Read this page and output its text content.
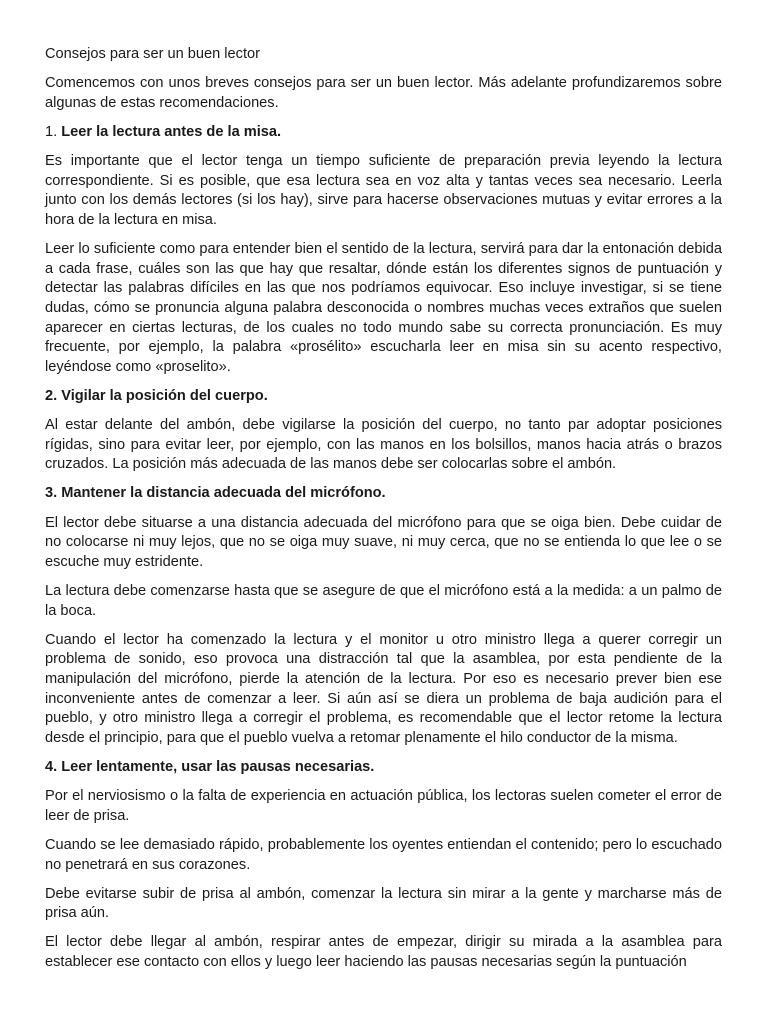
Consejos para ser un buen lector

Comencemos con unos breves consejos para ser un buen lector. Más adelante profundizaremos sobre algunas de estas recomendaciones.

1. Leer la lectura antes de la misa.

Es importante que el lector tenga un tiempo suficiente de preparación previa leyendo la lectura correspondiente. Si es posible, que esa lectura sea en voz alta y tantas veces sea necesario. Leerla junto con los demás lectores (si los hay), sirve para hacerse observaciones mutuas y evitar errores a la hora de la lectura en misa.

Leer lo suficiente como para entender bien el sentido de la lectura, servirá para dar la entonación debida a cada frase, cuáles son las que hay que resaltar, dónde están los diferentes signos de puntuación y detectar las palabras difíciles en las que nos podríamos equivocar. Eso incluye investigar, si se tiene dudas, cómo se pronuncia alguna palabra desconocida o nombres muchas veces extraños que suelen aparecer en ciertas lecturas, de los cuales no todo mundo sabe su correcta pronunciación. Es muy frecuente, por ejemplo, la palabra «prosélito» escucharla leer en misa sin su acento respectivo, leyéndose como «proselito».

2. Vigilar la posición del cuerpo.

Al estar delante del ambón, debe vigilarse la posición del cuerpo, no tanto par adoptar posiciones rígidas, sino para evitar leer, por ejemplo, con las manos en los bolsillos, manos hacia atrás o brazos cruzados. La posición más adecuada de las manos debe ser colocarlas sobre el ambón.

3. Mantener la distancia adecuada del micrófono.

El lector debe situarse a una distancia adecuada del micrófono para que se oiga bien. Debe cuidar de no colocarse ni muy lejos, que no se oiga muy suave, ni muy cerca, que no se entienda lo que lee o se escuche muy estridente.

La lectura debe comenzarse hasta que se asegure de que el micrófono está a la medida: a un palmo de la boca.

Cuando el lector ha comenzado la lectura y el monitor u otro ministro llega a querer corregir un problema de sonido, eso provoca una distracción tal que la asamblea, por esta pendiente de la manipulación del micrófono, pierde la atención de la lectura. Por eso es necesario prever bien ese inconveniente antes de comenzar a leer. Si aún así se diera un problema de baja audición para el pueblo, y otro ministro llega a corregir el problema, es recomendable que el lector retome la lectura desde el principio, para que el pueblo vuelva a retomar plenamente el hilo conductor de la misma.

4. Leer lentamente, usar las pausas necesarias.

Por el nerviosismo o la falta de experiencia en actuación pública, los lectoras suelen cometer el error de leer de prisa.

Cuando se lee demasiado rápido, probablemente los oyentes entiendan el contenido; pero lo escuchado no penetrará en sus corazones.

Debe evitarse subir de prisa al ambón, comenzar la lectura sin mirar a la gente y marcharse más de prisa aún.

El lector debe llegar al ambón, respirar antes de empezar, dirigir su mirada a la asamblea para establecer ese contacto con ellos y luego leer haciendo las pausas necesarias según la puntuación
